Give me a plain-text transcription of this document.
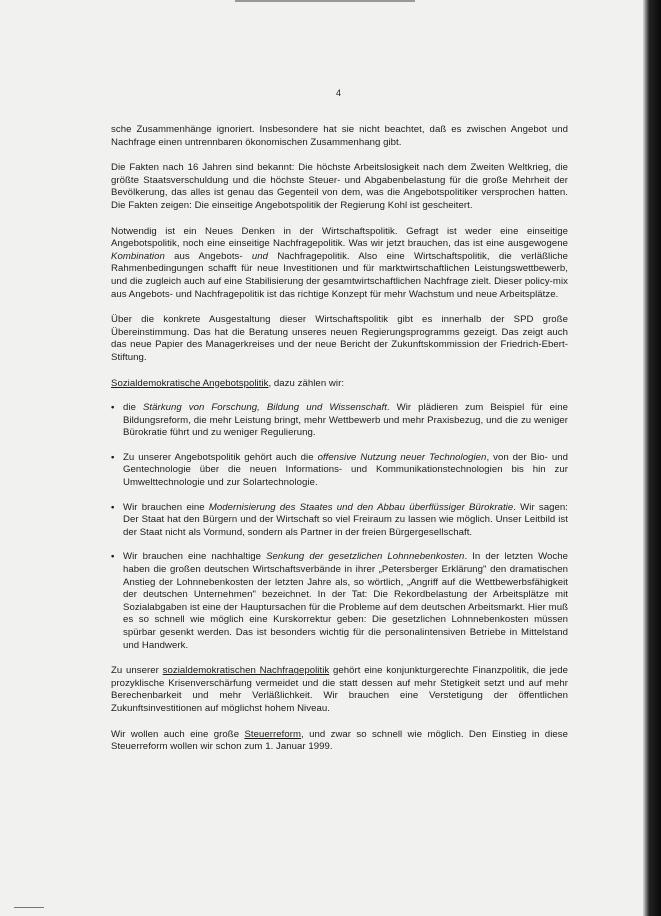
4

sche Zusammenhänge ignoriert. Insbesondere hat sie nicht beachtet, daß es zwischen Angebot und Nachfrage einen untrennbaren ökonomischen Zusammenhang gibt.

Die Fakten nach 16 Jahren sind bekannt: Die höchste Arbeitslosigkeit nach dem Zweiten Weltkrieg, die größte Staatsverschuldung und die höchste Steuer- und Abgabenbelastung für die große Mehrheit der Bevölkerung, das alles ist genau das Gegenteil von dem, was die Angebotspolitiker versprochen hatten. Die Fakten zeigen: Die einseitige Angebotspolitik der Regierung Kohl ist gescheitert.

Notwendig ist ein Neues Denken in der Wirtschaftspolitik. Gefragt ist weder eine einseitige Angebotspolitik, noch eine einseitige Nachfragepolitik. Was wir jetzt brauchen, das ist eine ausgewogene Kombination aus Angebots- und Nachfragepolitik. Also eine Wirtschaftspolitik, die verläßliche Rahmenbedingungen schafft für neue Investitionen und für marktwirtschaftlichen Leistungswettbewerb, und die zugleich auch auf eine Stabilisierung der gesamtwirtschaftlichen Nachfrage zielt. Dieser policy-mix aus Angebots- und Nachfragepolitik ist das richtige Konzept für mehr Wachstum und neue Arbeitsplätze.

Über die konkrete Ausgestaltung dieser Wirtschaftspolitik gibt es innerhalb der SPD große Übereinstimmung. Das hat die Beratung unseres neuen Regierungsprogramms gezeigt. Das zeigt auch das neue Papier des Managerkreises und der neue Bericht der Zukunftskommission der Friedrich-Ebert-Stiftung.

Sozialdemokratische Angebotspolitik, dazu zählen wir:

• die Stärkung von Forschung, Bildung und Wissenschaft. Wir plädieren zum Beispiel für eine Bildungsreform, die mehr Leistung bringt, mehr Wettbewerb und mehr Praxisbezug, und die zu weniger Bürokratie führt und zu weniger Regulierung.
• Zu unserer Angebotspolitik gehört auch die offensive Nutzung neuer Technologien, von der Bio- und Gentechnologie über die neuen Informations- und Kommunikationstechnologien bis hin zur Umwelttechnologie und zur Solartechnologie.
• Wir brauchen eine Modernisierung des Staates und den Abbau überflüssiger Bürokratie. Wir sagen: Der Staat hat den Bürgern und der Wirtschaft so viel Freiraum zu lassen wie möglich. Unser Leitbild ist der Staat nicht als Vormund, sondern als Partner in der freien Bürgergesellschaft.
• Wir brauchen eine nachhaltige Senkung der gesetzlichen Lohnnebenkosten. In der letzten Woche haben die großen deutschen Wirtschaftsverbände in ihrer „Petersberger Erklärung" den dramatischen Anstieg der Lohnnebenkosten der letzten Jahre als, so wörtlich, „Angriff auf die Wettbewerbsfähigkeit der deutschen Unternehmen" bezeichnet. In der Tat: Die Rekordbelastung der Arbeitsplätze mit Sozialabgaben ist eine der Hauptursachen für die Probleme auf dem deutschen Arbeitsmarkt. Hier muß es so schnell wie möglich eine Kurskorrektur geben: Die gesetzlichen Lohnnebenkosten müssen spürbar gesenkt werden. Das ist besonders wichtig für die personalintensiven Betriebe in Mittelstand und Handwerk.

Zu unserer sozialdemokratischen Nachfragepolitik gehört eine konjunkturgerechte Finanzpolitik, die jede prozyklische Krisenverschärfung vermeidet und die statt dessen auf mehr Stetigkeit setzt und auf mehr Berechenbarkeit und mehr Verläßlichkeit. Wir brauchen eine Verstetigung der öffentlichen Zukunftsinvestitionen auf möglichst hohem Niveau.

Wir wollen auch eine große Steuerreform, und zwar so schnell wie möglich. Den Einstieg in diese Steuerreform wollen wir schon zum 1. Januar 1999.
